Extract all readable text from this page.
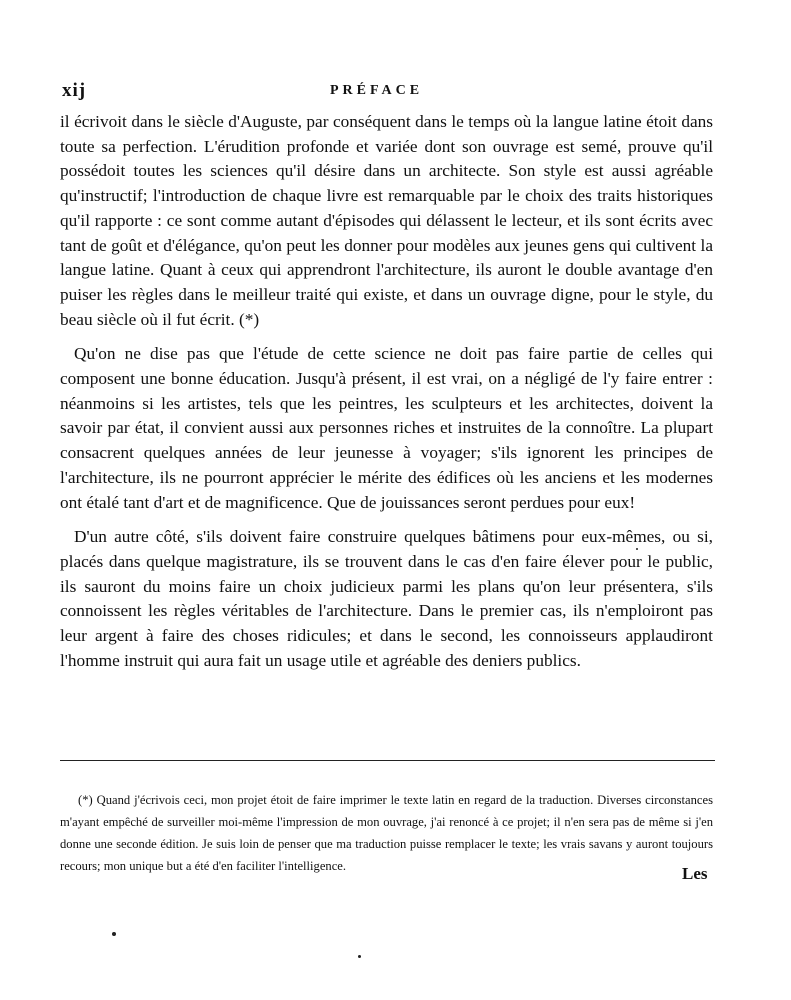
xij	PRÉFACE

il écrivoit dans le siècle d'Auguste, par conséquent dans le temps où la langue latine étoit dans toute sa perfection. L'érudition profonde et variée dont son ouvrage est semé, prouve qu'il possédoit toutes les sciences qu'il désire dans un architecte. Son style est aussi agréable qu'instructif; l'introduction de chaque livre est remarquable par le choix des traits historiques qu'il rapporte : ce sont comme autant d'épisodes qui délassent le lecteur, et ils sont écrits avec tant de goût et d'élégance, qu'on peut les donner pour modèles aux jeunes gens qui cultivent la langue latine. Quant à ceux qui apprendront l'architecture, ils auront le double avantage d'en puiser les règles dans le meilleur traité qui existe, et dans un ouvrage digne, pour le style, du beau siècle où il fut écrit. (*)

Qu'on ne dise pas que l'étude de cette science ne doit pas faire partie de celles qui composent une bonne éducation. Jusqu'à présent, il est vrai, on a négligé de l'y faire entrer : néanmoins si les artistes, tels que les peintres, les sculpteurs et les architectes, doivent la savoir par état, il convient aussi aux personnes riches et instruites de la connoître. La plupart consacrent quelques années de leur jeunesse à voyager; s'ils ignorent les principes de l'architecture, ils ne pourront apprécier le mérite des édifices où les anciens et les modernes ont étalé tant d'art et de magnificence. Que de jouissances seront perdues pour eux!

D'un autre côté, s'ils doivent faire construire quelques bâtimens pour eux-mêmes, ou si, placés dans quelque magistrature, ils se trouvent dans le cas d'en faire élever pour le public, ils sauront du moins faire un choix judicieux parmi les plans qu'on leur présentera, s'ils connoissent les règles véritables de l'architecture. Dans le premier cas, ils n'emploiront pas leur argent à faire des choses ridicules; et dans le second, les connoisseurs applaudiront l'homme instruit qui aura fait un usage utile et agréable des deniers publics.

(*) Quand j'écrivois ceci, mon projet étoit de faire imprimer le texte latin en regard de la traduction. Diverses circonstances m'ayant empêché de surveiller moi-même l'impression de mon ouvrage, j'ai renoncé à ce projet; il n'en sera pas de même si j'en donne une seconde édition. Je suis loin de penser que ma traduction puisse remplacer le texte; les vrais savans y auront toujours recours; mon unique but a été d'en faciliter l'intelligence.	Les
